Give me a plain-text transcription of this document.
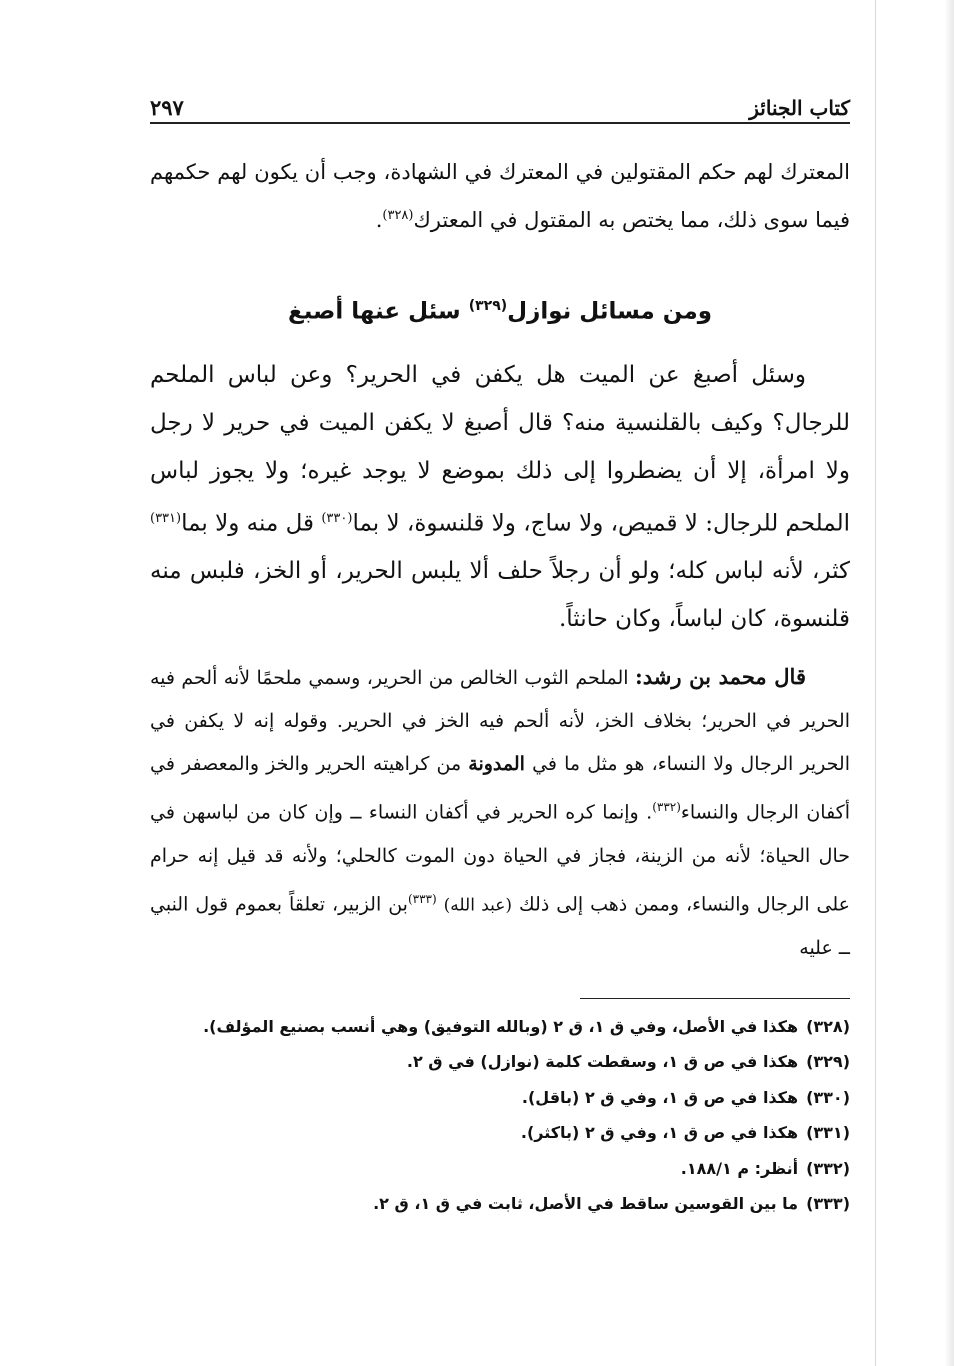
كتاب الجنائز
٢٩٧

المعترك لهم حكم المقتولين في المعترك في الشهادة، وجب أن يكون لهم حكمهم فيما سوى ذلك، مما يختص به المقتول في المعترك$^{(٣٢٨)}$.

ومن مسائل نوازل$^{(٣٢٩)}$ سئل عنها أصبغ

وسئل أصبغ عن الميت هل يكفن في الحرير؟ وعن لباس الملحم للرجال؟ وكيف بالقلنسية منه؟ قال أصبغ لا يكفن الميت في حرير لا رجل ولا امرأة، إلا أن يضطروا إلى ذلك بموضع لا يوجد غيره؛ ولا يجوز لباس الملحم للرجال: لا قميص، ولا ساج، ولا قلنسوة، لا بما$^{(٣٣٠)}$ قل منه ولا بما$^{(٣٣١)}$ كثر، لأنه لباس كله؛ ولو أن رجلاً حلف ألا يلبس الحرير، أو الخز، فلبس منه قلنسوة، كان لباساً، وكان حانثاً.

قال محمد بن رشد: الملحم الثوب الخالص من الحرير، وسمي ملحمًا لأنه ألحم فيه الحرير في الحرير؛ بخلاف الخز، لأنه ألحم فيه الخز في الحرير. وقوله إنه لا يكفن في الحرير الرجال ولا النساء، هو مثل ما في المدونة من كراهيته الحرير والخز والمعصفر في أكفان الرجال والنساء$^{(٣٣٢)}$. وإنما كره الحرير في أكفان النساء ــ وإن كان من لباسهن في حال الحياة؛ لأنه من الزينة، فجاز في الحياة دون الموت كالحلي؛ ولأنه قد قيل إنه حرام على الرجال والنساء، وممن ذهب إلى ذلك (عبد الله) $^{(٣٣٣)}$بن الزبير، تعلقاً بعموم قول النبي ــ عليه

(٣٢٨)هكذا في الأصل، وفي ق ١، ق ٢ (وبالله التوفيق) وهي أنسب بصنيع المؤلف).
(٣٢٩)هكذا في ص ق ١، وسقطت كلمة (نوازل) في ق ٢.
(٣٣٠)هكذا في ص ق ١، وفي ق ٢ (باقل).
(٣٣١)هكذا في ص ق ١، وفي ق ٢ (باكثر).
(٣٣٢)أنظر: م ١٨٨/١.
(٣٣٣)ما بين القوسين ساقط في الأصل، ثابت في ق ١، ق ٢.
